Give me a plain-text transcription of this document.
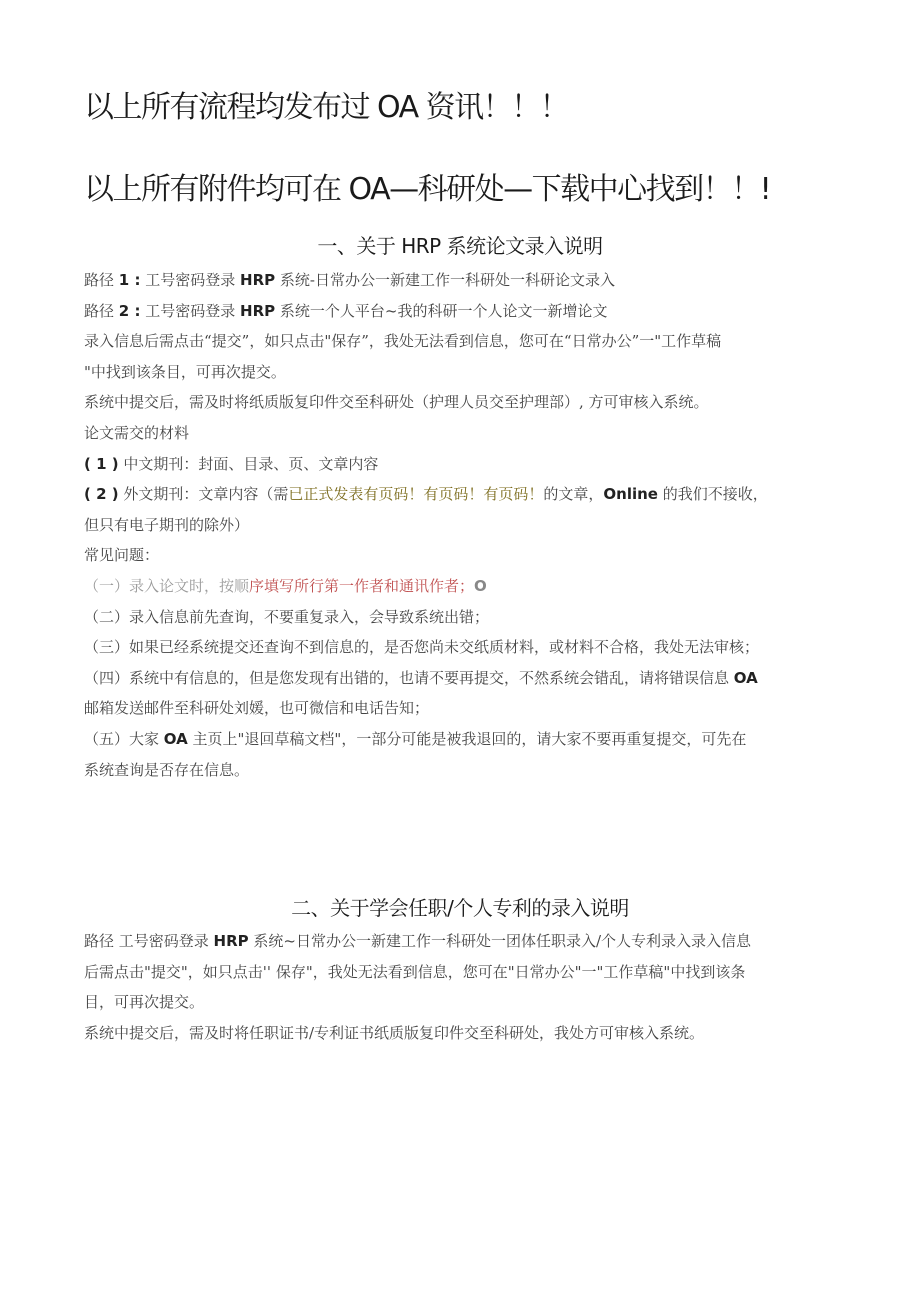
以上所有流程均发布过 OA 资讯！！！
以上所有附件均可在 OA—科研处—下载中心找到！！!
一、关于 HRP 系统论文录入说明

路径 1 : 工号密码登录 HRP 系统-日常办公一新建工作一科研处一科研论文录入

路径 2 : 工号密码登录 HRP 系统一个人平台~我的科研一个人论文一新增论文

录入信息后需点击“提交”，如只点击"保存”，我处无法看到信息，您可在“日常办公”一"工作草稿

"中找到该条目，可再次提交。

系统中提交后，需及时将纸质版复印件交至科研处（护理人员交至护理部）, 方可审核入系统。

论文需交的材料

( 1 ) 中文期刊：封面、目录、页、文章内容

( 2 ) 外文期刊：文章内容（需已正式发表有页码！有页码！有页码！的文章，Online 的我们不接收，

但只有电子期刊的除外）

常见问题：

（一）录入论文时，按顺序填写所行第一作者和通讯作者；O

（二）录入信息前先查询，不要重复录入，会导致系统出错；

（三）如果已经系统提交还查询不到信息的，是否您尚未交纸质材料，或材料不合格，我处无法审核；

（四）系统中有信息的，但是您发现有出错的，也请不要再提交，不然系统会错乱，请将错误信息 OA

邮箱发送邮件至科研处刘媛，也可微信和电话告知；

（五）大家 OA 主页上"退回草稿文档"，一部分可能是被我退回的，请大家不要再重复提交，可先在

系统查询是否存在信息。

二、关于学会任职/个人专利的录入说明

路径 工号密码登录 HRP 系统~日常办公一新建工作一科研处一团体任职录入/个人专利录入录入信息

后需点击"提交"，如只点击'' 保存"，我处无法看到信息，您可在"日常办公"一"工作草稿"中找到该条

目，可再次提交。

系统中提交后，需及时将任职证书/专利证书纸质版复印件交至科研处，我处方可审核入系统。
